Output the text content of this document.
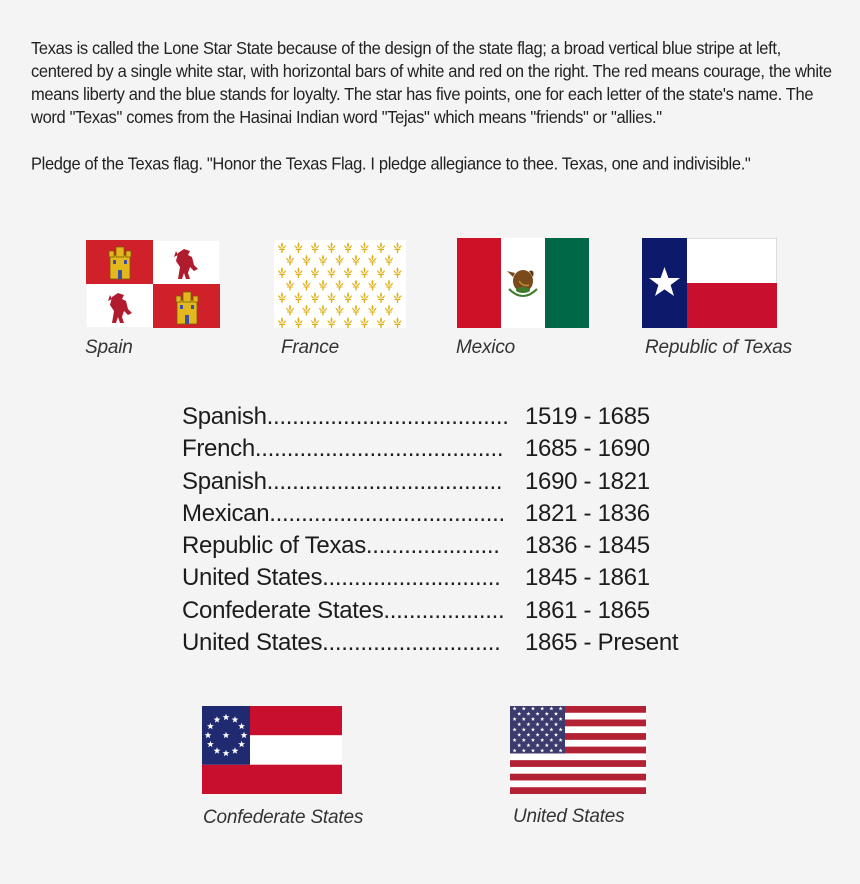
Texas is called the Lone Star State because of the design of the state flag; a broad vertical blue stripe at left, centered by a single white star, with horizontal bars of white and red on the right. The red means courage, the white means liberty and the blue stands for loyalty. The star has five points, one for each letter of the state's name. The word "Texas" comes from the Hasinai Indian word "Tejas" which means "friends" or "allies."

Pledge of the Texas flag. "Honor the Texas Flag. I pledge allegiance to thee. Texas, one and indivisible."

Spain	France	Mexico	Republic of Texas
Spanish...................................... 1519 - 1685
French....................................... 1685 - 1690
Spanish..................................... 1690 - 1821
Mexican..................................... 1821 - 1836
Republic of Texas.....................	1836 - 1845
United States............................	1845 - 1861
Confederate States................... 1861 - 1865
United States............................	1865 - Present
Confederate States	United States
